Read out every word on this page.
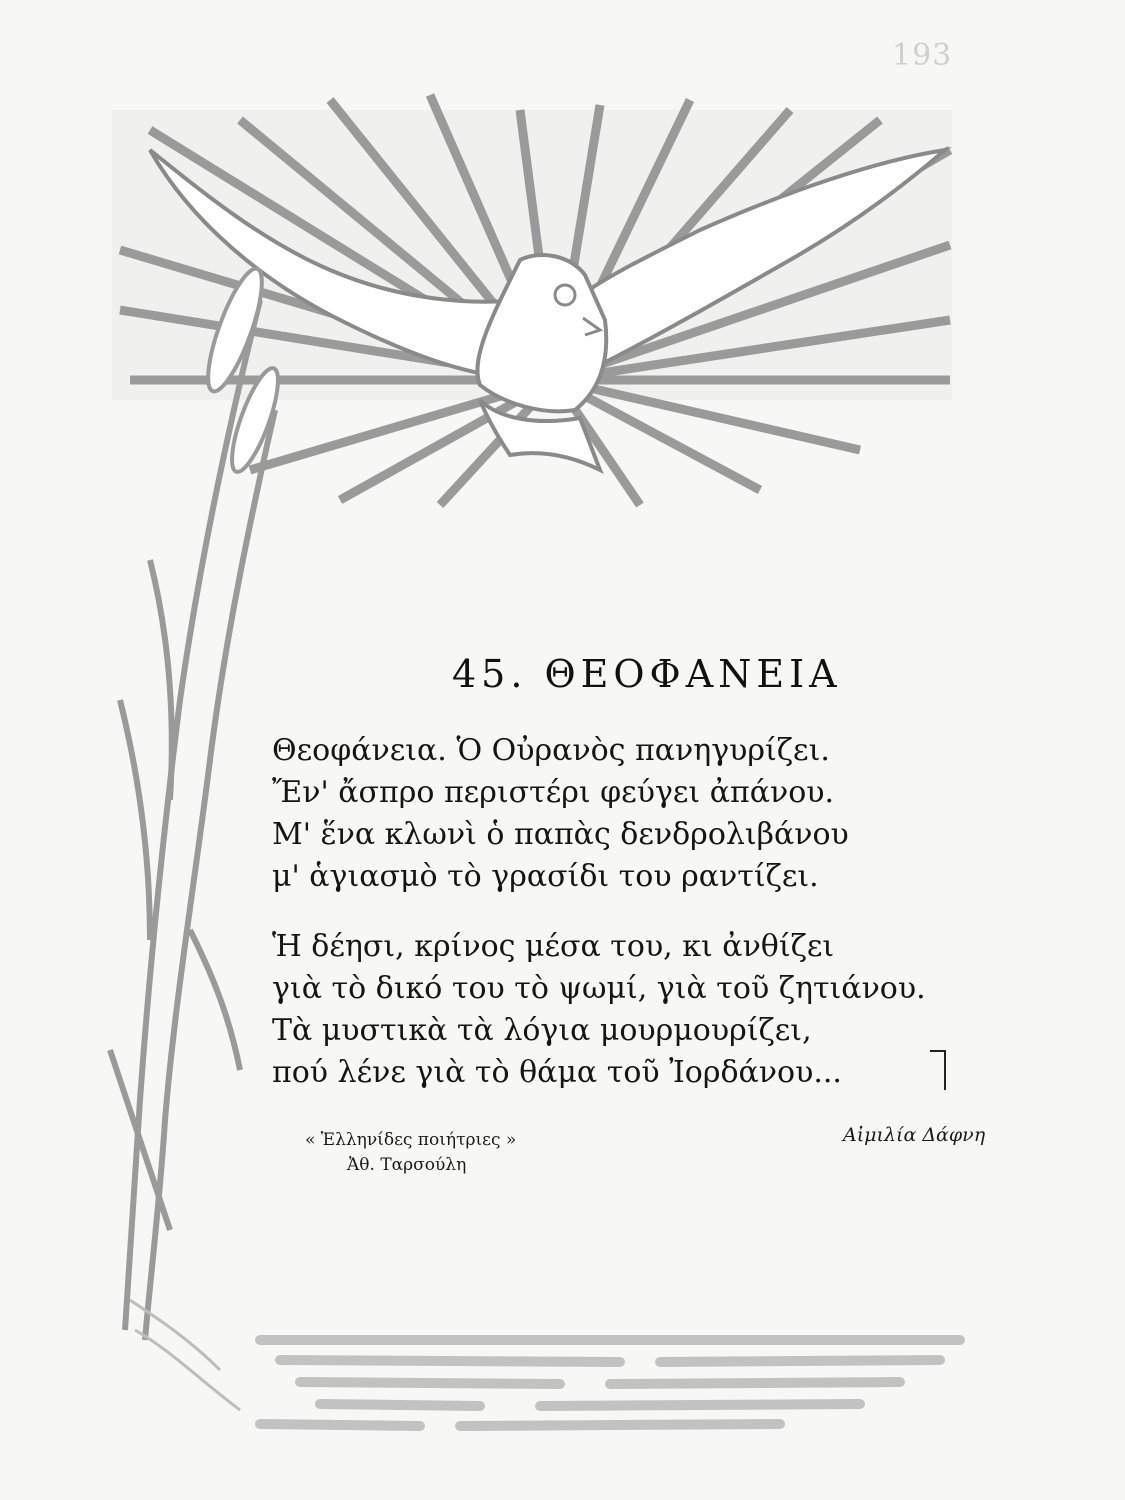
193
45. ΘΕΟΦΑΝΕΙΑ
Θεοφάνεια. Ὁ Οὐρανὸς πανηγυρίζει.
Ἔν' ἄσπρο περιστέρι φεύγει ἀπάνου.
Μ' ἕνα κλωνὶ ὁ παπὰς δενδρολιβάνου
μ' ἁγιασμὸ τὸ γρασίδι του ραντίζει.
Ἡ δέησι, κρίνος μέσα του, κι ἀνθίζει
γιὰ τὸ δικό του τὸ ψωμί, γιὰ τοῦ ζητιάνου.
Τὰ μυστικὰ τὰ λόγια μουρμουρίζει,
πού λένε γιὰ τὸ θάμα τοῦ Ἰορδάνου...
« Ἑλληνίδες ποιήτριες »
Ἀθ. Ταρσούλη
Αἰμιλία Δάφνη
